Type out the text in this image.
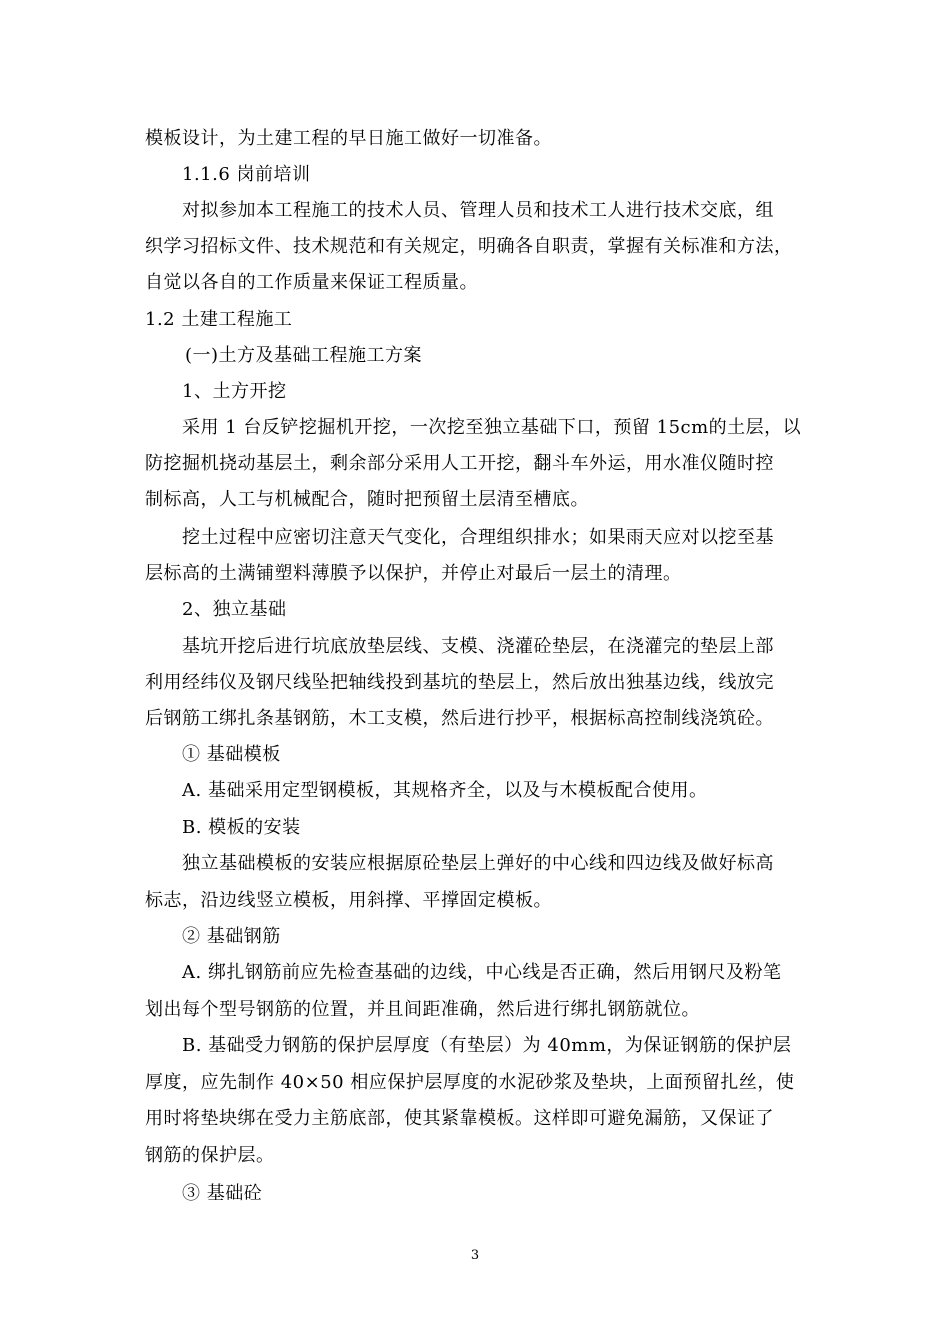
模板设计，为土建工程的早日施工做好一切准备。
1.1.6 岗前培训
对拟参加本工程施工的技术人员、管理人员和技术工人进行技术交底，组
织学习招标文件、技术规范和有关规定，明确各自职责，掌握有关标准和方法，
自觉以各自的工作质量来保证工程质量。
1.2 土建工程施工
(一)土方及基础工程施工方案
1、土方开挖
采用 1 台反铲挖掘机开挖，一次挖至独立基础下口，预留 15cm的土层，以
防挖掘机挠动基层土，剩余部分采用人工开挖，翻斗车外运，用水准仪随时控
制标高，人工与机械配合，随时把预留土层清至槽底。
挖土过程中应密切注意天气变化，合理组织排水；如果雨天应对以挖至基
层标高的土满铺塑料薄膜予以保护，并停止对最后一层土的清理。
2、独立基础
基坑开挖后进行坑底放垫层线、支模、浇灌砼垫层，在浇灌完的垫层上部
利用经纬仪及钢尺线坠把轴线投到基坑的垫层上，然后放出独基边线，线放完
后钢筋工绑扎条基钢筋，木工支模，然后进行抄平，根据标高控制线浇筑砼。
① 基础模板
A. 基础采用定型钢模板，其规格齐全，以及与木模板配合使用。
B. 模板的安装
独立基础模板的安装应根据原砼垫层上弹好的中心线和四边线及做好标高
标志，沿边线竖立模板，用斜撑、平撑固定模板。
② 基础钢筋
A. 绑扎钢筋前应先检查基础的边线，中心线是否正确，然后用钢尺及粉笔
划出每个型号钢筋的位置，并且间距准确，然后进行绑扎钢筋就位。
B. 基础受力钢筋的保护层厚度（有垫层）为 40mm，为保证钢筋的保护层
厚度，应先制作 40×50 相应保护层厚度的水泥砂浆及垫块，上面预留扎丝，使
用时将垫块绑在受力主筋底部，使其紧靠模板。这样即可避免漏筋，又保证了
钢筋的保护层。
③ 基础砼
3
